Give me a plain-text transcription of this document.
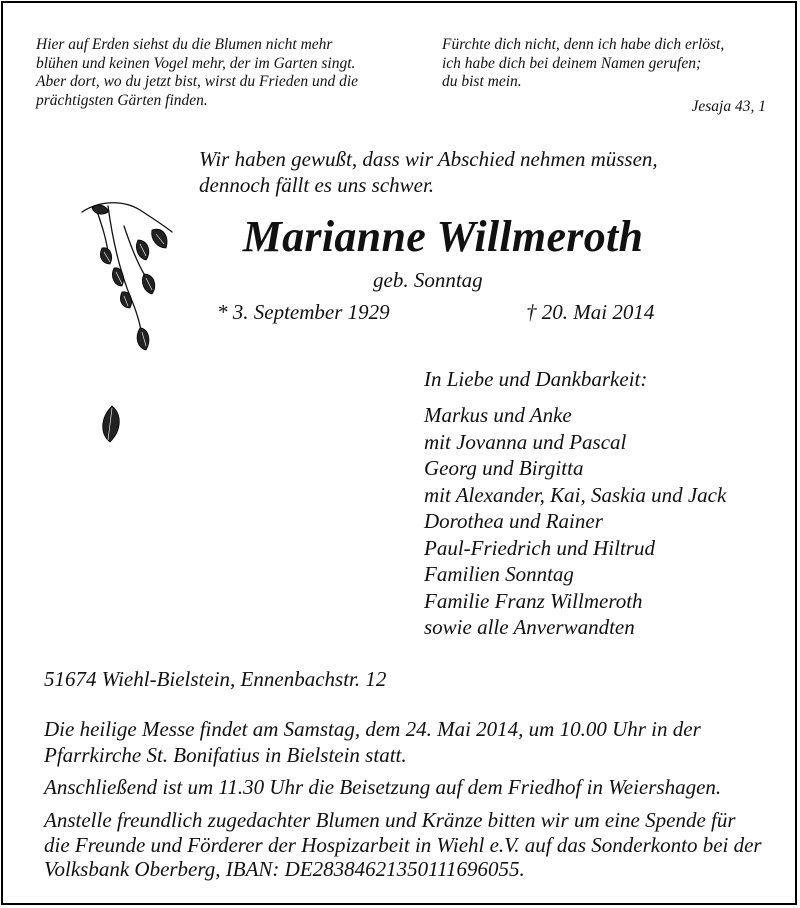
Hier auf Erden siehst du die Blumen nicht mehr
blühen und keinen Vogel mehr, der im Garten singt.
Aber dort, wo du jetzt bist, wirst du Frieden und die
prächtigsten Gärten finden.
Fürchte dich nicht, denn ich habe dich erlöst,
ich habe dich bei deinem Namen gerufen;
du bist mein.
Jesaja 43, 1
Wir haben gewußt, dass wir Abschied nehmen müssen,
dennoch fällt es uns schwer.
Marianne Willmeroth
geb. Sonntag
* 3. September 1929	† 20. Mai 2014
In Liebe und Dankbarkeit:
Markus und Anke
mit Jovanna und Pascal
Georg und Birgitta
mit Alexander, Kai, Saskia und Jack
Dorothea und Rainer
Paul-Friedrich und Hiltrud
Familien Sonntag
Familie Franz Willmeroth
sowie alle Anverwandten
51674 Wiehl-Bielstein, Ennenbachstr. 12
Die heilige Messe findet am Samstag, dem 24. Mai 2014, um 10.00 Uhr in der
Pfarrkirche St. Bonifatius in Bielstein statt.
Anschließend ist um 11.30 Uhr die Beisetzung auf dem Friedhof in Weiershagen.
Anstelle freundlich zugedachter Blumen und Kränze bitten wir um eine Spende für
die Freunde und Förderer der Hospizarbeit in Wiehl e.V. auf das Sonderkonto bei der
Volksbank Oberberg, IBAN: DE28384621350111696055.
